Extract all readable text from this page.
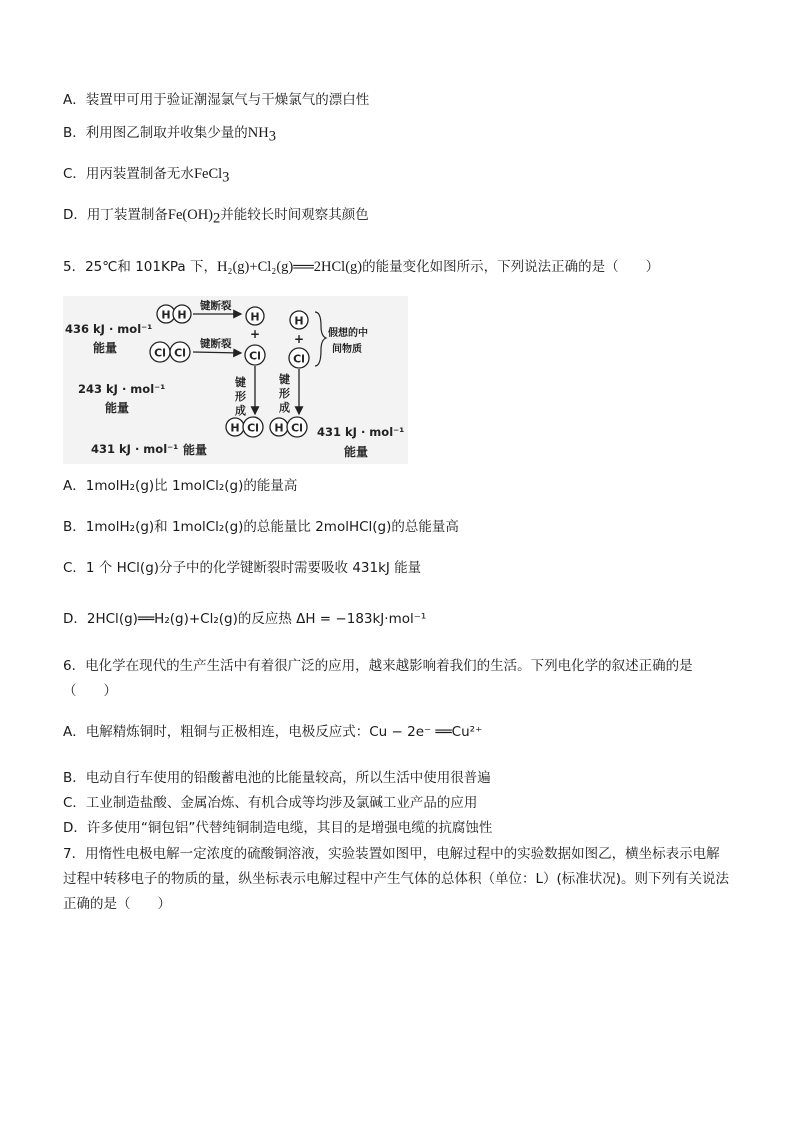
A．装置甲可用于验证潮湿氯气与干燥氯气的漂白性
B．利用图乙制取并收集少量的$NH_3$
C．用丙装置制备无水FeCl$_3$
D．用丁装置制备$Fe(OH)_2$并能较长时间观察其颜色
5．25℃和 101KPa 下，H₂(g)+Cl₂(g)══2HCl(g)的能量变化如图所示，下列说法正确的是（　　）
H H
键断裂
H
+
Cl
Cl Cl
键断裂
436 kJ · mol⁻¹
能量
243 kJ · mol⁻¹
能量
键
形
成
H
+
Cl
假想的中
间物质
键
形
成
H Cl H Cl
431 kJ · mol⁻¹ 能量
431 kJ · mol⁻¹
能量
A．1molH₂(g)比 1molCl₂(g)的能量高
B．1molH₂(g)和 1molCl₂(g)的总能量比 2molHCl(g)的总能量高
C．1 个 HCl(g)分子中的化学键断裂时需要吸收 431kJ 能量
D．2HCl(g)══H₂(g)+Cl₂(g)的反应热 ΔH = −183kJ·mol⁻¹
6．电化学在现代的生产生活中有着很广泛的应用，越来越影响着我们的生活。下列电化学的叙述正确的是
（　　）
A．电解精炼铜时，粗铜与正极相连，电极反应式：Cu − 2e⁻ ══Cu²⁺
B．电动自行车使用的铅酸蓄电池的比能量较高，所以生活中使用很普遍
C．工业制造盐酸、金属冶炼、有机合成等均涉及氯碱工业产品的应用
D．许多使用“铜包铝”代替纯铜制造电缆，其目的是增强电缆的抗腐蚀性
7．用惰性电极电解一定浓度的硫酸铜溶液，实验装置如图甲，电解过程中的实验数据如图乙，横坐标表示电解过程中转移电子的物质的量，纵坐标表示电解过程中产生气体的总体积（单位：L）(标准状况)。则下列有关说法正确的是（　　）
